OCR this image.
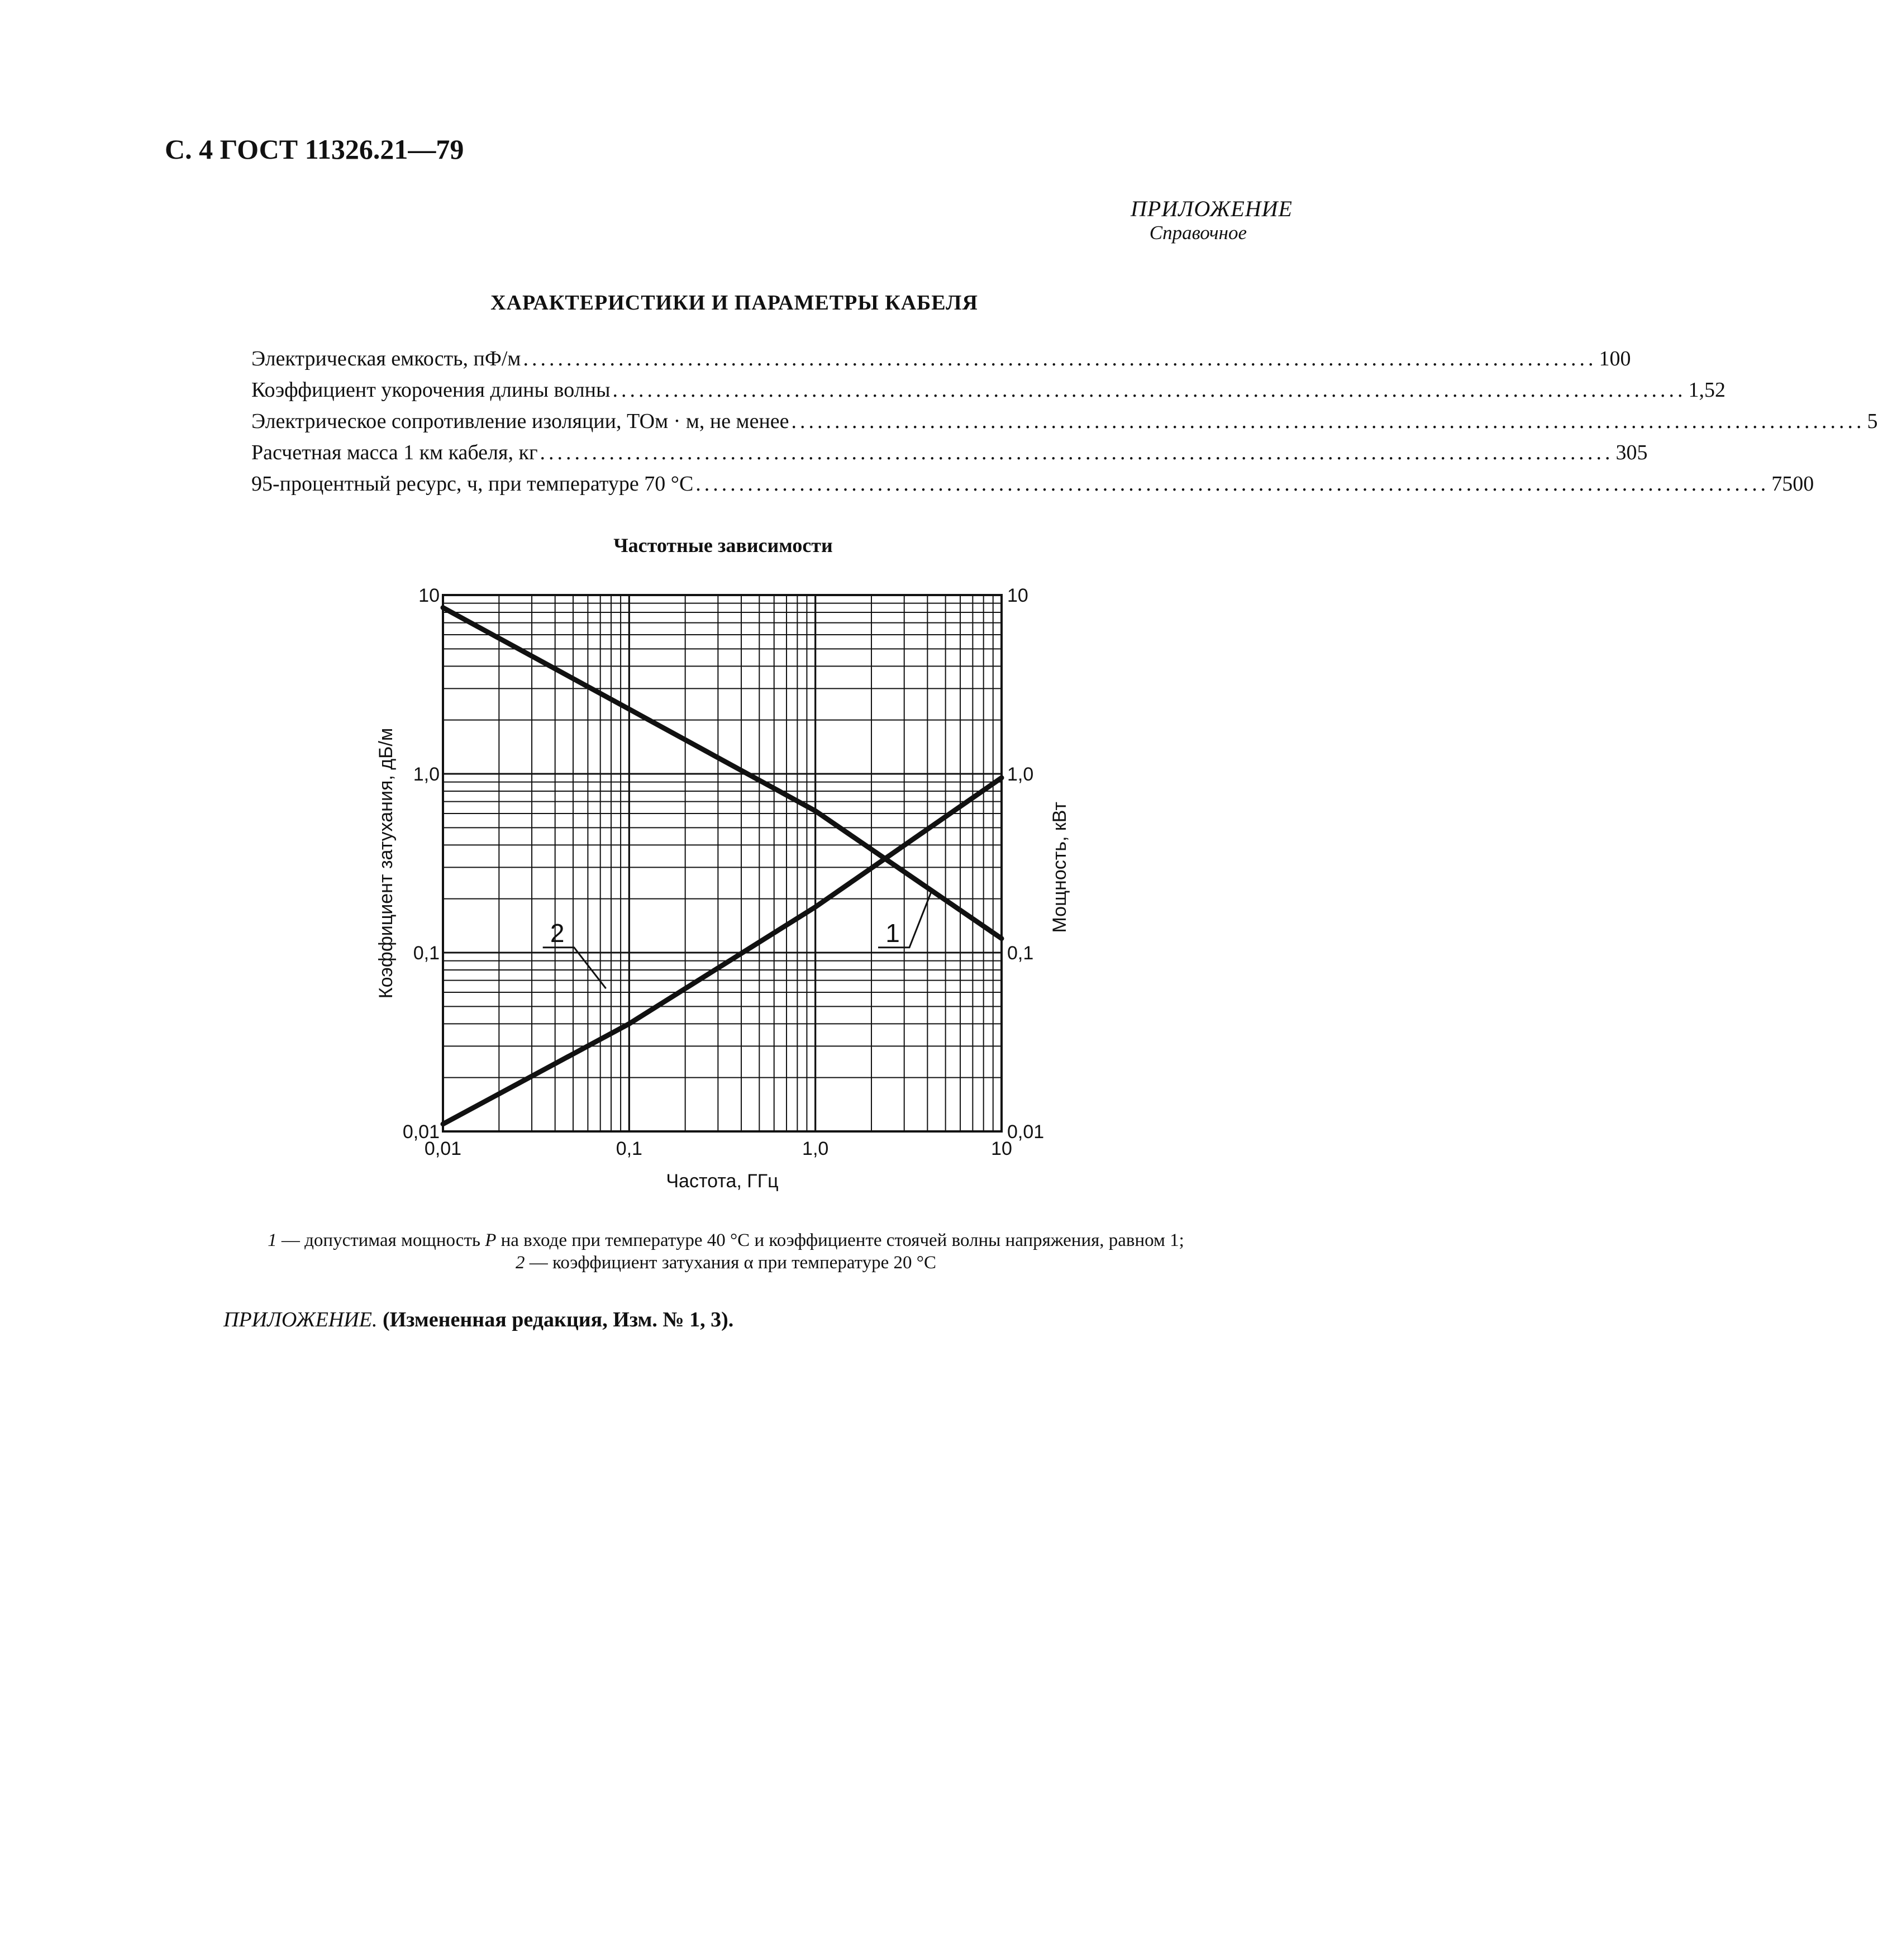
С. 4 ГОСТ 11326.21—79
ПРИЛОЖЕНИЕ
Справочное
ХАРАКТЕРИСТИКИ И ПАРАМЕТРЫ КАБЕЛЯ
Электрическая емкость, пФ/м ............................................................................................................................ 100
Коэффициент укорочения длины волны ............................................................................................................................ 1,52
Электрическое сопротивление изоляции, ТОм · м, не менее ............................................................................................................................ 5
Расчетная масса 1 км кабеля, кг ............................................................................................................................ 305
95-процентный ресурс, ч, при температуре 70 °С ............................................................................................................................ 7500
Частотные зависимости
0,01	0,1	1,0	10
0,01
0,1
1,0
10
0,01
0,1
1,0
10
Частота, ГГц
Коэффициент затухания, дБ/м	Мощность, кВт
2	1
1 — допустимая мощность P на входе при температуре 40 °С и коэффициенте стоячей волны напряжения, равном 1;
2 — коэффициент затухания α при температуре 20 °С
ПРИЛОЖЕНИЕ. (Измененная редакция, Изм. № 1, 3).
